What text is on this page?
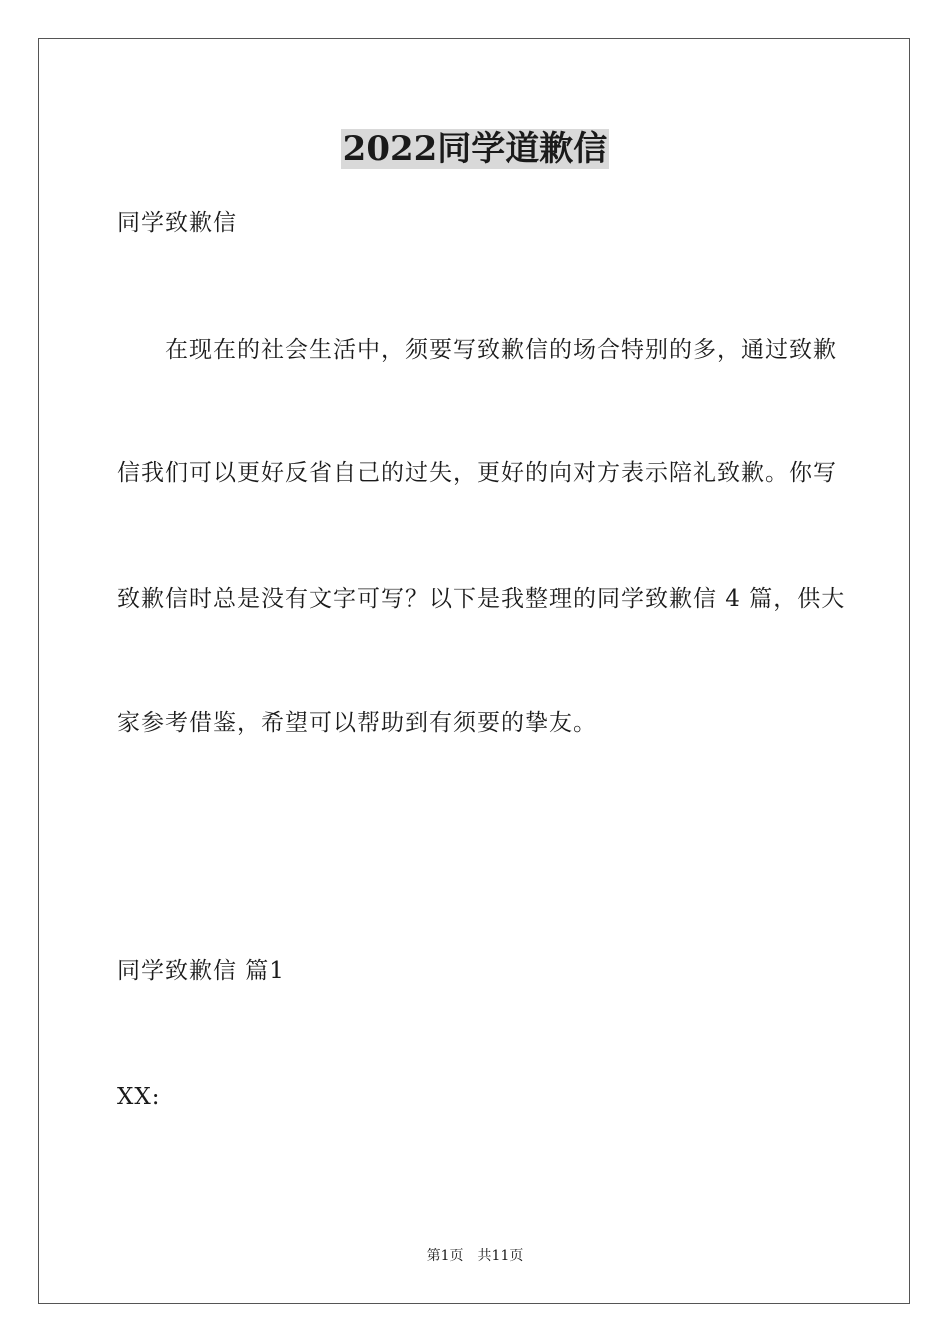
2022同学道歉信
同学致歉信
在现在的社会生活中，须要写致歉信的场合特别的多，通过致歉
信我们可以更好反省自己的过失，更好的向对方表示陪礼致歉。你写
致歉信时总是没有文字可写？以下是我整理的同学致歉信 4 篇，供大
家参考借鉴，希望可以帮助到有须要的挚友。
同学致歉信 篇1
XX:
第1页　共11页
